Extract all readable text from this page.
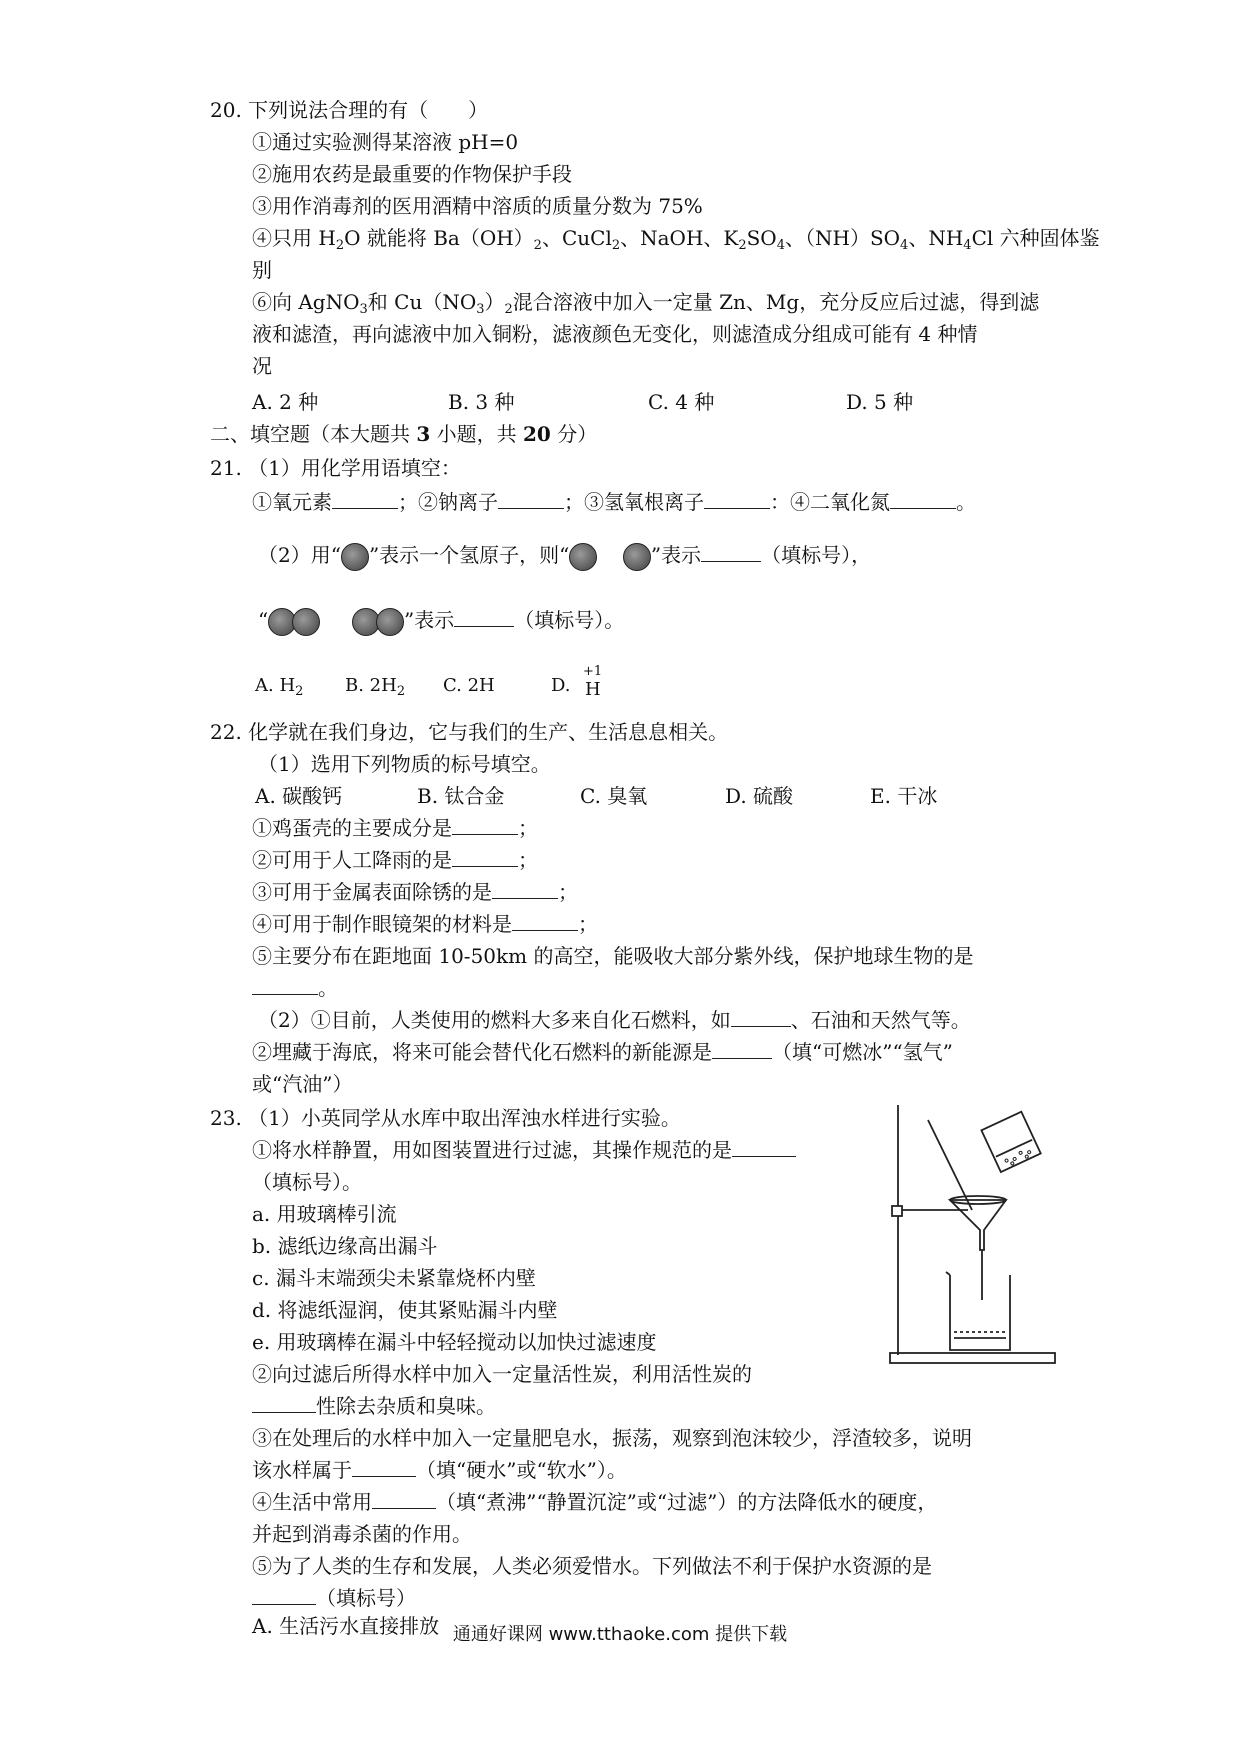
20. 下列说法合理的有（　　）
①通过实验测得某溶液 pH=0
②施用农药是最重要的作物保护手段
③用作消毒剂的医用酒精中溶质的质量分数为 75%
④只用 $H_2O$ 就能将 $Ba(OH)_2$、CuCl$_2$、NaOH、$K_2SO_4$、$(NH)SO_4$、$NH_4Cl$ 六种固体鉴
别
⑥向 AgNO$_3$和 $Cu(NO_3)_2$混合溶液中加入一定量 Zn、Mg，充分反应后过滤，得到滤
液和滤渣，再向滤液中加入铜粉，滤液颜色无变化，则滤渣成分组成可能有 4 种情
况
A. 2 种	B. 3 种	C. 4 种	D. 5 种
二、填空题（本大题共 3 小题，共 20 分）
21. （1）用化学用语填空：
①氧元素	；②钠离子	；③氢氧根离子	：④二氧化氮	。
（2）用“ ”表示一个氢原子，则“	”表示	（填标号），
“	”表示	（填标号）。
A. $H_2$ B. $2H_2$ C. 2H	D.
+1
H
22. 化学就在我们身边，它与我们的生产、生活息息相关。
（1）选用下列物质的标号填空。
A. 碳酸钙	B. 钛合金	C. 臭氧	D. 硫酸	E. 干冰
①鸡蛋壳的主要成分是	；
②可用于人工降雨的是	；
③可用于金属表面除锈的是	；
④可用于制作眼镜架的材料是	；
⑤主要分布在距地面 10-50km 的高空，能吸收大部分紫外线，保护地球生物的是
。
（2）①目前，人类使用的燃料大多来自化石燃料，如	、石油和天然气等。
②埋藏于海底，将来可能会替代化石燃料的新能源是	（填“可燃冰”“氢气”
或“汽油”）
23. （1）小英同学从水库中取出浑浊水样进行实验。
①将水样静置，用如图装置进行过滤，其操作规范的是
（填标号）。
a. 用玻璃棒引流
b. 滤纸边缘高出漏斗
c. 漏斗末端颈尖未紧靠烧杯内壁
d. 将滤纸湿润，使其紧贴漏斗内壁
e. 用玻璃棒在漏斗中轻轻搅动以加快过滤速度
②向过滤后所得水样中加入一定量活性炭，利用活性炭的
性除去杂质和臭味。
③在处理后的水样中加入一定量肥皂水，振荡，观察到泡沫较少，浮渣较多，说明
该水样属于	（填“硬水”或“软水”）。
④生活中常用	（填“煮沸”“静置沉淀”或“过滤”）的方法降低水的硬度，
并起到消毒杀菌的作用。
⑤为了人类的生存和发展，人类必须爱惜水。下列做法不利于保护水资源的是
（填标号）
A. 生活污水直接排放 通通好课网 www.tthaoke.com 提供下载
